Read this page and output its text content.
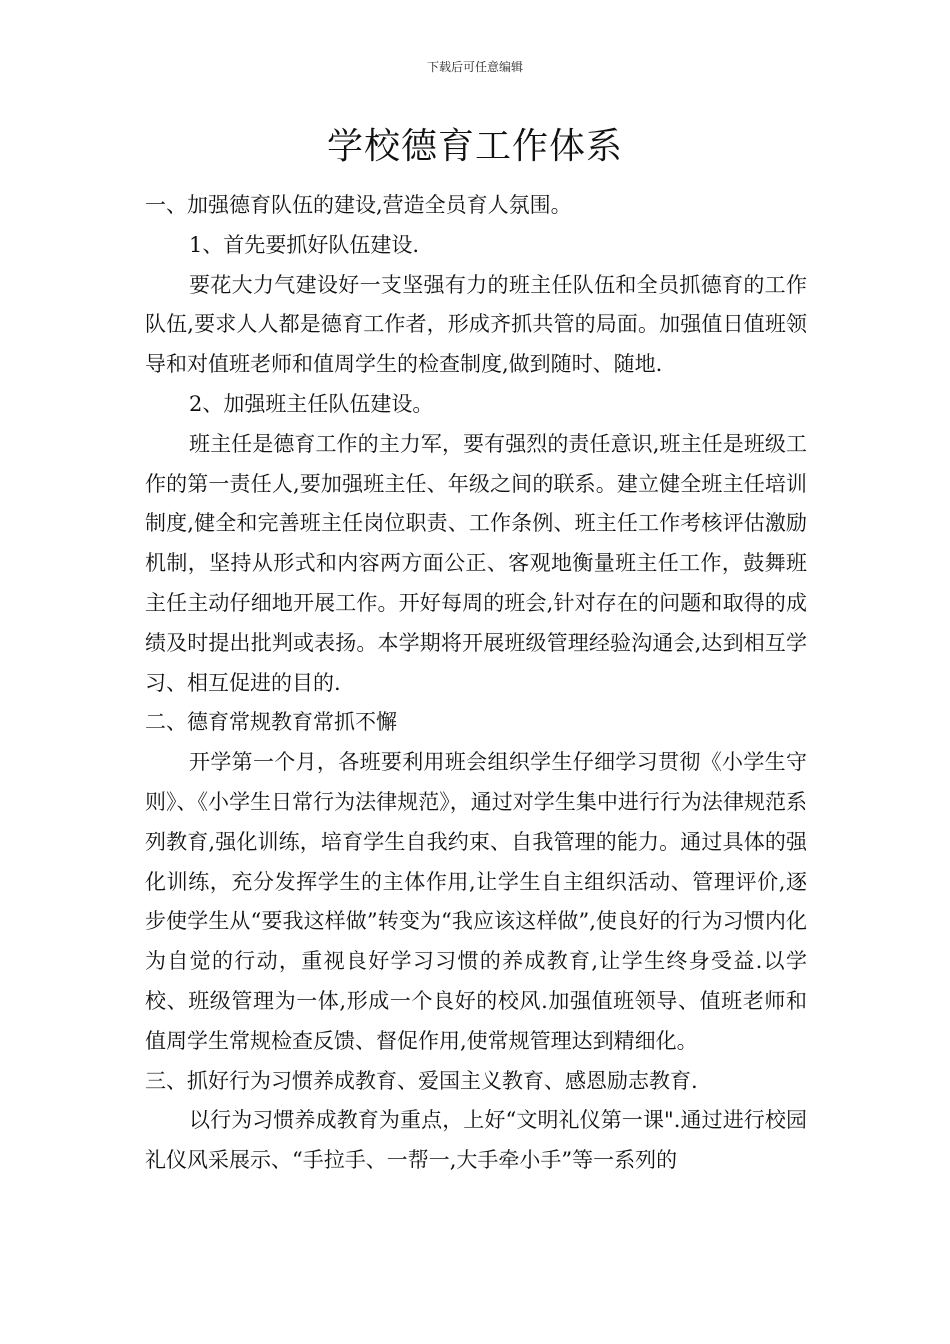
下载后可任意编辑
学校德育工作体系

一、加强德育队伍的建设,营造全员育人氛围。

1、首先要抓好队伍建设.

要花大力气建设好一支坚强有力的班主任队伍和全员抓德育的工作队伍,要求人人都是德育工作者，形成齐抓共管的局面。加强值日值班领导和对值班老师和值周学生的检查制度,做到随时、随地.

2、加强班主任队伍建设。

班主任是德育工作的主力军，要有强烈的责任意识,班主任是班级工作的第一责任人,要加强班主任、年级之间的联系。建立健全班主任培训制度,健全和完善班主任岗位职责、工作条例、班主任工作考核评估激励机制，坚持从形式和内容两方面公正、客观地衡量班主任工作，鼓舞班主任主动仔细地开展工作。开好每周的班会,针对存在的问题和取得的成绩及时提出批判或表扬。本学期将开展班级管理经验沟通会,达到相互学习、相互促进的目的.

二、德育常规教育常抓不懈

开学第一个月，各班要利用班会组织学生仔细学习贯彻《小学生守则》、《小学生日常行为法律规范》，通过对学生集中进行行为法律规范系列教育,强化训练，培育学生自我约束、自我管理的能力。通过具体的强化训练，充分发挥学生的主体作用,让学生自主组织活动、管理评价,逐步使学生从“要我这样做”转变为“我应该这样做”,使良好的行为习惯内化为自觉的行动，重视良好学习习惯的养成教育,让学生终身受益.以学校、班级管理为一体,形成一个良好的校风.加强值班领导、值班老师和值周学生常规检查反馈、督促作用,使常规管理达到精细化。

三、抓好行为习惯养成教育、爱国主义教育、感恩励志教育.

以行为习惯养成教育为重点，上好“文明礼仪第一课".通过进行校园礼仪风采展示、“手拉手、一帮一,大手牵小手”等一系列的
